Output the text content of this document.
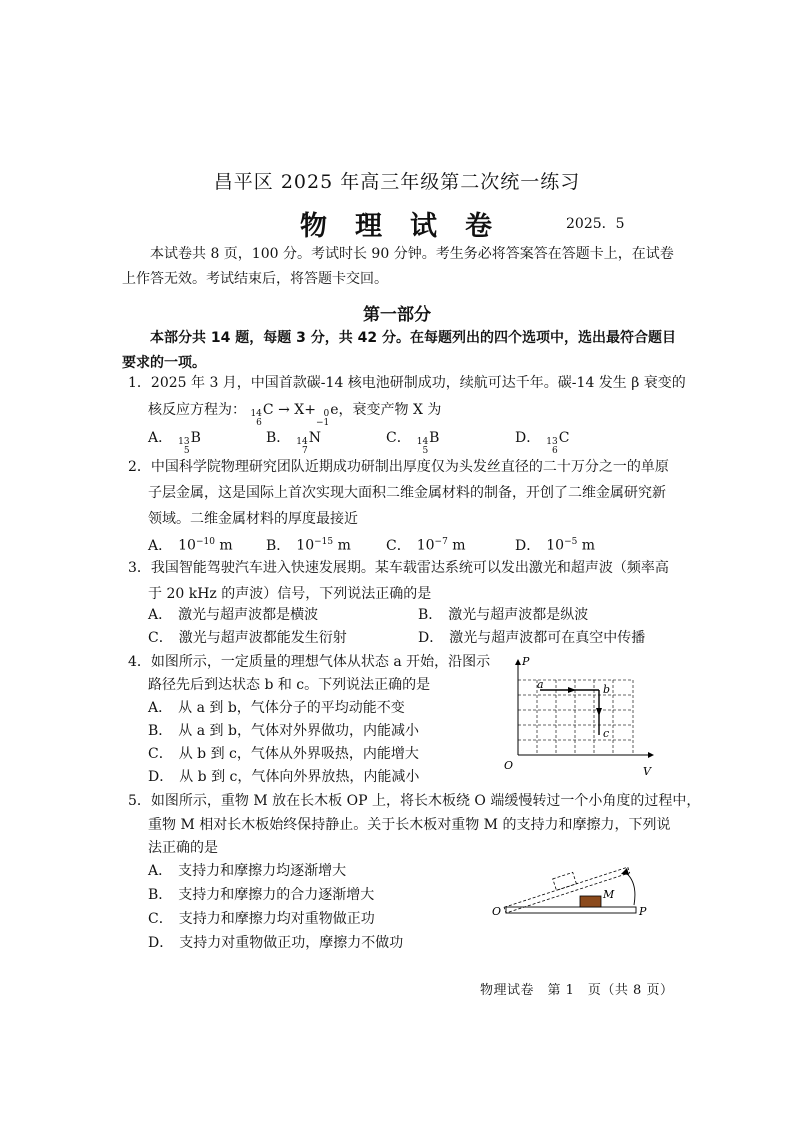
昌平区 2025 年高三年级第二次统一练习
物理试卷	2025．5
本试卷共 8 页，100 分。考试时长 90 分钟。考生务必将答案答在答题卡上，在试卷上作答无效。考试结束后，将答题卡交回。
第一部分
本部分共 14 题，每题 3 分，共 42 分。在每题列出的四个选项中，选出最符合题目要求的一项。
1．2025 年 3 月，中国首款碳-14 核电池研制成功，续航可达千年。碳-14 发生 β 衰变的
核反应方程为： 14
6
C → X+ 0
−1
e，衰变产物 X 为
A． 13
5
B	B． 14
7
N	C． 14
5
B	D． 13
6
C
2．中国科学院物理研究团队近期成功研制出厚度仅为头发丝直径的二十万分之一的单原
子层金属，这是国际上首次实现大面积二维金属材料的制备，开创了二维金属研究新
领域。二维金属材料的厚度最接近
A． $10^{-10}$ m B． $10^{-15}$ m	C． $10^{-7}$ m	D． $10^{-5}$ m
3．我国智能驾驶汽车进入快速发展期。某车载雷达系统可以发出激光和超声波（频率高
于 20 kHz 的声波）信号，下列说法正确的是
A． 激光与超声波都是横波	B． 激光与超声波都是纵波
C． 激光与超声波都能发生衍射	D． 激光与超声波都可在真空中传播
4．如图所示，一定质量的理想气体从状态 a 开始，沿图示
路径先后到达状态 b 和 c。下列说法正确的是
A． 从 a 到 b，气体分子的平均动能不变
B． 从 a 到 b，气体对外界做功，内能减小
C． 从 b 到 c，气体从外界吸热，内能增大
D． 从 b 到 c，气体向外界放热，内能减小
P
V
O
a	b
c
5．如图所示，重物 M 放在长木板 OP 上，将长木板绕 O 端缓慢转过一个小角度的过程中，
重物 M 相对长木板始终保持静止。关于长木板对重物 M 的支持力和摩擦力，下列说
法正确的是
A． 支持力和摩擦力均逐渐增大
B． 支持力和摩擦力的合力逐渐增大
C． 支持力和摩擦力均对重物做正功
D． 支持力对重物做正功，摩擦力不做功
M
O	P
物理试卷　第 1　页（共 8 页）
